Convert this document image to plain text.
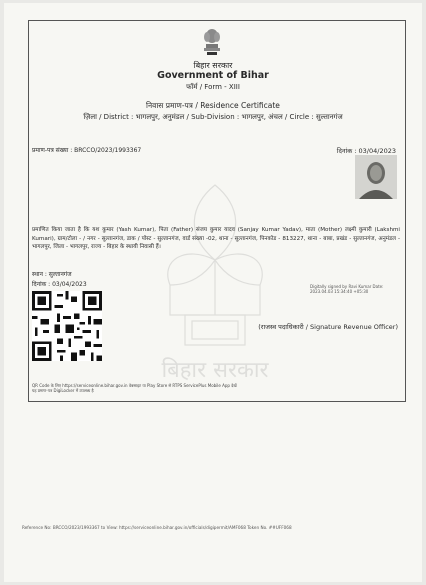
बिहार सरकार
Government of Bihar
फॉर्म / Form - XIII
निवास प्रमाण-पत्र / Residence Certificate
ज़िला / District : भागलपुर, अनुमंडल / Sub-Division : भागलपुर, अंचल / Circle : सुल्तानगंज
प्रमाण-पत्र संख्या : BRCCO/2023/1993367	दिनांक : 03/04/2023
बिहार सरकार
प्रमाणित किया जाता है कि यश कुमार (Yash Kumar), पिता (Father) संजय कुमार यादव (Sanjay Kumar Yadav), माता (Mother) लक्ष्मी कुमारी (Lakshmi Kumari), ग्राम/टोला - / नगर - सुल्तानगंज, डाक / पोस्ट - सुल्तानगंज, वार्ड संख्या -02, थाना - सुल्तानगंज, पिनकोड - 813227, थाना - बाबा, प्रखंड - सुल्तानगंज, अनुमंडल - भागलपुर, जिला - भागलपुर, राज्य - बिहार के स्थायी निवासी हैं।
स्थान : सुल्तानगंज
दिनांक : 03/04/2023	Digitally signed by Ravi Kumar Date: 2023.04.03 15:34:40 +05:30
(राजस्व पदाधिकारी / Signature Revenue Officer)
QR Code के लिए https://serviceonline.bihar.gov.in वेबसाइट या Play Store से RTPS ServicePlus Mobile App देखें
यह प्रमाण-पत्र DigiLocker में उपलब्ध है
Reference No: BRCCO/2023/1993367 to View: https://serviceonline.bihar.gov.in/officials/digipermit/AMF068 Token No. ##UFF068
